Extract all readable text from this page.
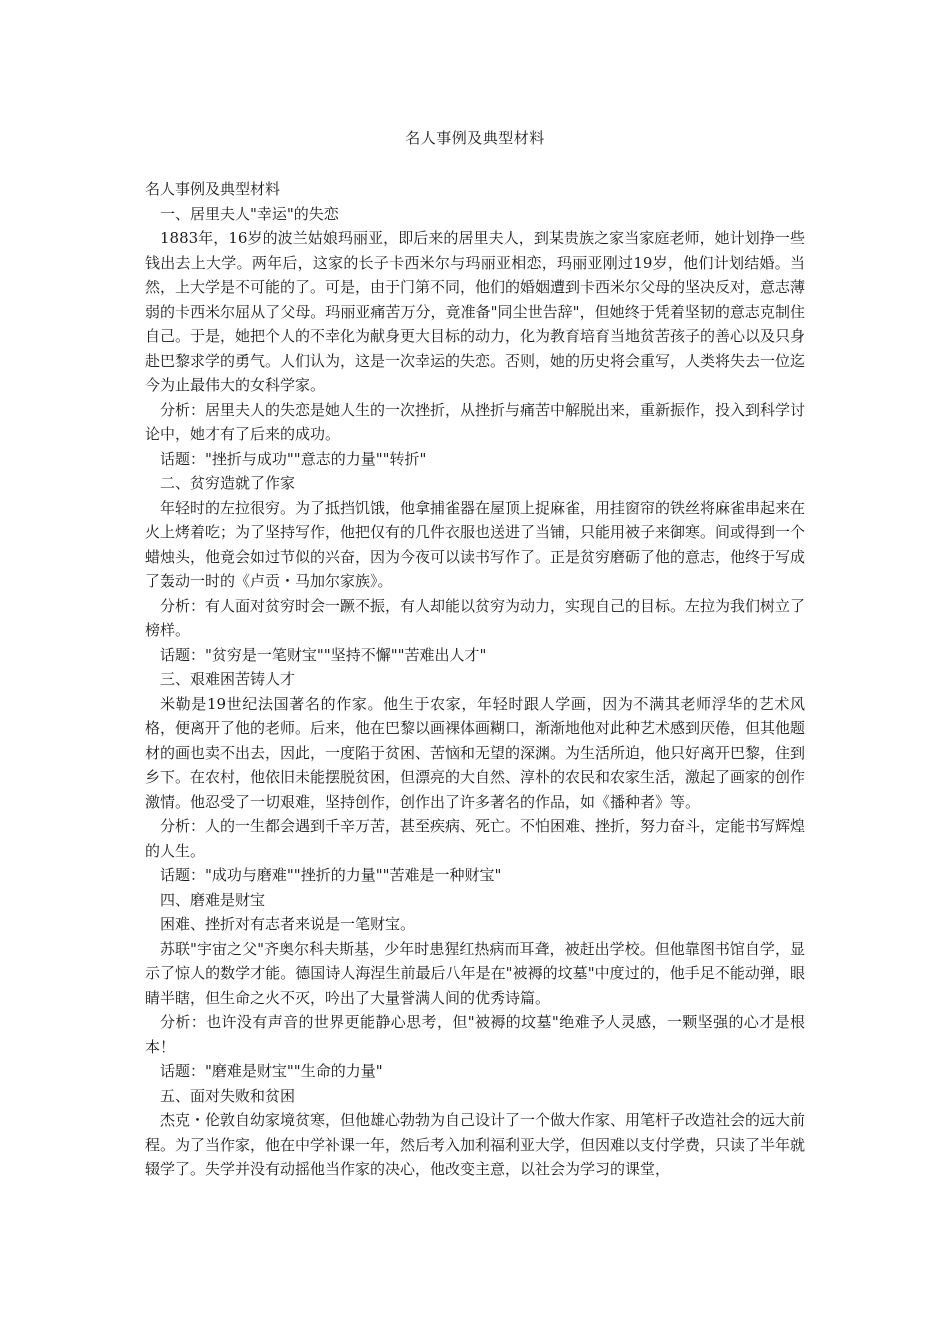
名人事例及典型材料

名人事例及典型材料

一、居里夫人"幸运"的失恋

1883年，16岁的波兰姑娘玛丽亚，即后来的居里夫人，到某贵族之家当家庭老师，她计划挣一些钱出去上大学。两年后，这家的长子卡西米尔与玛丽亚相恋，玛丽亚刚过19岁，他们计划结婚。当然，上大学是不可能的了。可是，由于门第不同，他们的婚姻遭到卡西米尔父母的坚决反对，意志薄弱的卡西米尔屈从了父母。玛丽亚痛苦万分，竟准备"同尘世告辞"，但她终于凭着坚韧的意志克制住自己。于是，她把个人的不幸化为献身更大目标的动力，化为教育培育当地贫苦孩子的善心以及只身赴巴黎求学的勇气。人们认为，这是一次幸运的失恋。否则，她的历史将会重写，人类将失去一位迄今为止最伟大的女科学家。

分析：居里夫人的失恋是她人生的一次挫折，从挫折与痛苦中解脱出来，重新振作，投入到科学讨论中，她才有了后来的成功。

话题："挫折与成功""意志的力量""转折"

二、贫穷造就了作家

年轻时的左拉很穷。为了抵挡饥饿，他拿捕雀器在屋顶上捉麻雀，用挂窗帘的铁丝将麻雀串起来在火上烤着吃；为了坚持写作，他把仅有的几件衣服也送进了当铺，只能用被子来御寒。间或得到一个蜡烛头，他竟会如过节似的兴奋，因为今夜可以读书写作了。正是贫穷磨砺了他的意志，他终于写成了轰动一时的《卢贡・马加尔家族》。

分析：有人面对贫穷时会一蹶不振，有人却能以贫穷为动力，实现自己的目标。左拉为我们树立了榜样。

话题："贫穷是一笔财宝""坚持不懈""苦难出人才"

三、艰难困苦铸人才

米勒是19世纪法国著名的作家。他生于农家，年轻时跟人学画，因为不满其老师浮华的艺术风格，便离开了他的老师。后来，他在巴黎以画裸体画糊口，渐渐地他对此种艺术感到厌倦，但其他题材的画也卖不出去，因此，一度陷于贫困、苦恼和无望的深渊。为生活所迫，他只好离开巴黎，住到乡下。在农村，他依旧未能摆脱贫困，但漂亮的大自然、淳朴的农民和农家生活，激起了画家的创作激情。他忍受了一切艰难，坚持创作，创作出了许多著名的作品，如《播种者》等。

分析：人的一生都会遇到千辛万苦，甚至疾病、死亡。不怕困难、挫折，努力奋斗，定能书写辉煌的人生。

话题："成功与磨难""挫折的力量""苦难是一种财宝"

四、磨难是财宝

困难、挫折对有志者来说是一笔财宝。

苏联"宇宙之父"齐奥尔科夫斯基，少年时患猩红热病而耳聋，被赶出学校。但他靠图书馆自学，显示了惊人的数学才能。德国诗人海涅生前最后八年是在"被褥的坟墓"中度过的，他手足不能动弹，眼睛半瞎，但生命之火不灭，吟出了大量誉满人间的优秀诗篇。

分析：也许没有声音的世界更能静心思考，但"被褥的坟墓"绝难予人灵感，一颗坚强的心才是根本！

话题："磨难是财宝""生命的力量"

五、面对失败和贫困

杰克・伦敦自幼家境贫寒，但他雄心勃勃为自己设计了一个做大作家、用笔杆子改造社会的远大前程。为了当作家，他在中学补课一年，然后考入加利福利亚大学，但因难以支付学费，只读了半年就辍学了。失学并没有动摇他当作家的决心，他改变主意，以社会为学习的课堂，
